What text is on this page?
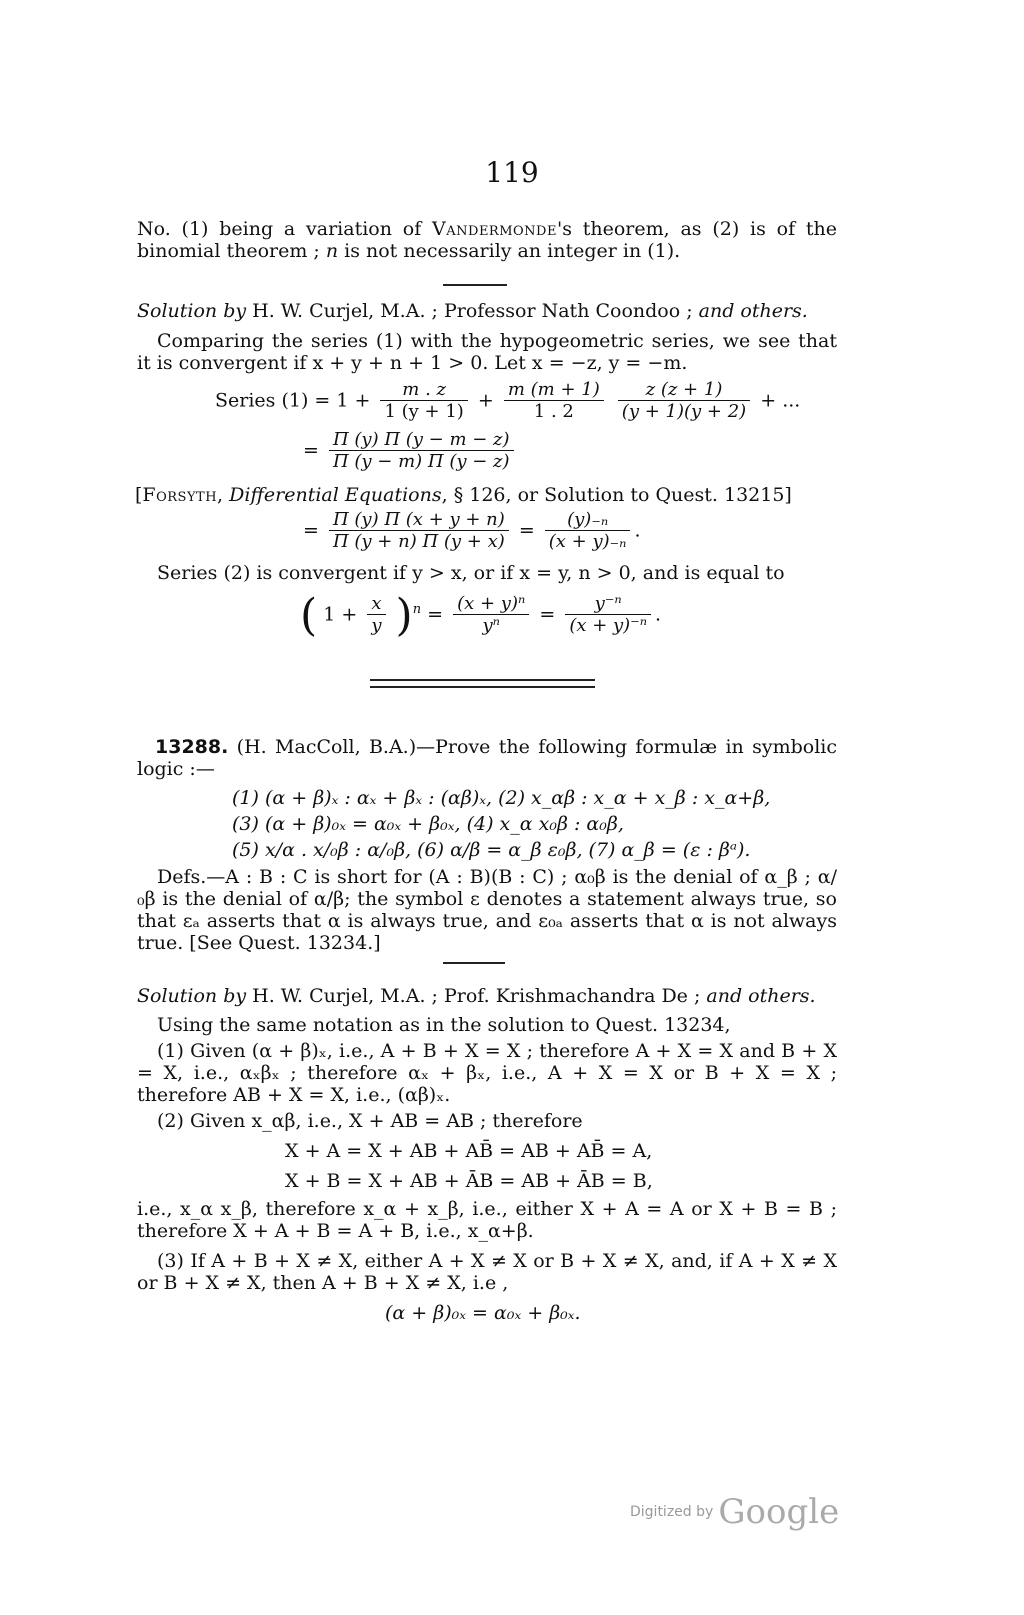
119
No. (1) being a variation of Vandermonde's theorem, as (2) is of the binomial theorem ; n is not necessarily an integer in (1).
Solution by H. W. Curjel, M.A. ; Professor Nath Coondoo ; and others.
Comparing the series (1) with the hypogeometric series, we see that it is convergent if x + y + n + 1 > 0. Let x = −z, y = −m.
Series $(1) = 1 + \frac{m . z}{1 (y + 1)} + \frac{m (m + 1)}{1 . 2}$
$\frac{z (z + 1)}{(y + 1)(y + 2)}$ + ...
= $\frac{\Pi (y) \Pi (y - m - z)}{\Pi (y - m) \Pi (y - z)}$
[Forsyth, Differential Equations, § 126, or Solution to Quest. 13215]
= $\frac{\Pi (y) \Pi (x + y + n)}{\Pi (y + n) \Pi (y + x)} = \frac{\text{(y)₋ₙ}}{\text{(x + y)₋ₙ}}$ .
Series (2) is convergent if y > x, or if x = y, n > 0, and is equal to
( $1 + \frac{x}{y} )^n = \frac{\text{(x + y)ⁿ}}{\text{yⁿ}} = \frac{\text{y⁻ⁿ}}{\text{(x + y)⁻ⁿ}}$ .
13288. (H. MacColl, B.A.)—Prove the following formulæ in symbolic logic :—
(1) (α + β)ₓ : αₓ + βₓ : (αβ)ₓ, (2) x_αβ : x_α + x_β : x_α+β,
(3) (α + β)₀ₓ = α₀ₓ + β₀ₓ, (4) x_α x₀β : α₀β,
(5) x/α . x/₀β : α/₀β, (6) α/β = α_β ε₀β, (7) α_β = (ε : βᵃ).
Defs.—A : B : C is short for (A : B)(B : C) ; α₀β is the denial of α_β ; α/₀β is the denial of α/β; the symbol ε denotes a statement always true, so that εₐ asserts that α is always true, and ε₀ₐ asserts that α is not always true. [See Quest. 13234.]
Solution by H. W. Curjel, M.A. ; Prof. Krishmachandra De ; and others.
Using the same notation as in the solution to Quest. 13234,
(1) Given (α + β)ₓ, i.e., A + B + X = X ; therefore A + X = X and B + X = X, i.e., αₓβₓ ; therefore αₓ + βₓ, i.e., A + X = X or B + X = X ; therefore AB + X = X, i.e., (αβ)ₓ.
(2) Given x_αβ, i.e., X + AB = AB ; therefore
X + A = X + AB + AB̄ = AB + AB̄ = A,
X + B = X + AB + ĀB = AB + ĀB = B,
i.e., x_α x_β, therefore x_α + x_β, i.e., either X + A = A or X + B = B ; therefore X + A + B = A + B, i.e., x_α+β.
(3) If A + B + X ≠ X, either A + X ≠ X or B + X ≠ X, and, if A + X ≠ X or B + X ≠ X, then A + B + X ≠ X, i.e ,
(α + β)₀ₓ = α₀ₓ + β₀ₓ.
Digitized by Google
